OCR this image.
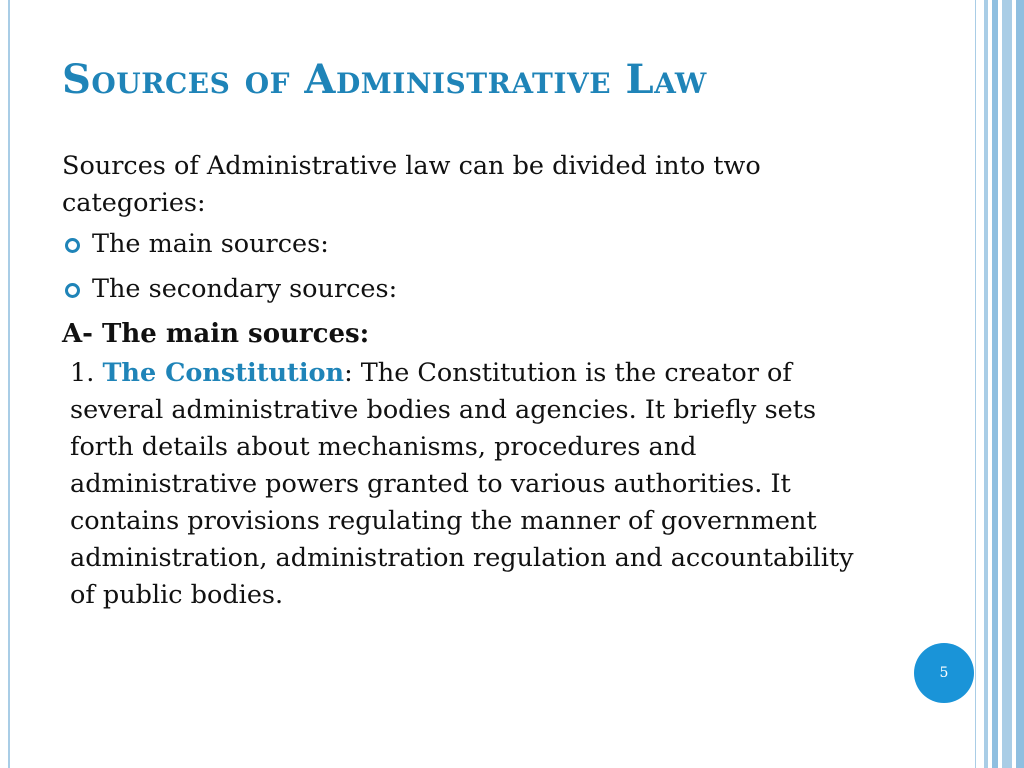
Sources of Administrative Law

Sources of Administrative law can be divided into two categories:

The main sources:
The secondary sources:

A- The main sources:

1. The Constitution: The Constitution is the creator of several administrative bodies and agencies. It briefly sets forth details about mechanisms, procedures and administrative powers granted to various authorities. It contains provisions regulating the manner of government administration, administration regulation and accountability of public bodies.

5
